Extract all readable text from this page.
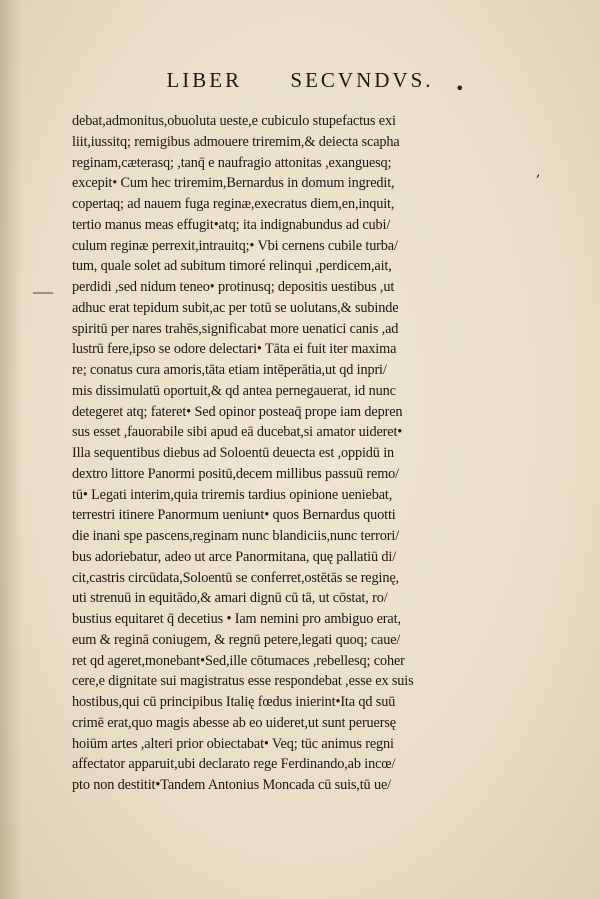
LIBER SECVNDVS.	•
debat,admonitus,obuoluta ueste,e cubiculo stupefactus exi
liit,iussitq; remigibus admouere triremim,& deiecta scapha
reginam,cæterasq; ,tanq̄ e naufragio attonitas ,exanguesq;
excepit• Cum hec triremim,Bernardus in domum ingredit,
copertaq; ad nauem fuga reginæ,execratus diem,en,inquit,
tertio manus meas effugit•atq; ita indignabundus ad cubi/
culum reginæ perrexit,intrauitq;• Vbi cernens cubile turba/
tum, quale solet ad subitum timoré relinqui ,perdicem,ait,
perdidi ,sed nidum teneo• protinusq; depositis uestibus ,ut
adhuc erat tepidum subit,ac per totū se uolutans,& subinde
spiritū per nares trahēs,significabat more uenatici canis ,ad
lustrū fere,ipso se odore delectari• Tāta ei fuit iter maxima
re; conatus cura amoris,tāta etiam intēperātia,ut qd inpri/
mis dissimulatū oportuit,& qd antea pernegauerat, id nunc
detegeret atq; fateret• Sed opinor posteaq̄ prope iam depren
sus esset ,fauorabile sibi apud eā ducebat,si amator uideret•
Illa sequentibus diebus ad Soloentū deuecta est ,oppidū in
dextro littore Panormi positū,decem millibus passuū remo/
tū• Legati interim,quia triremis tardius opinione ueniebat,
terrestri itinere Panormum ueniunt• quos Bernardus quotti
die inani spe pascens,reginam nunc blandiciis,nunc terrori/
bus adoriebatur, adeo ut arce Panormitana, quę pallatiū di/
cit,castris circūdata,Soloentū se conferret,ostētās se reginę,
uti strenuū in equitādo,& amari dignū cū tā, ut cōstat, ro/
bustius equitaret q̄ decetius • Iam nemini pro ambiguo erat,
eum & reginā coniugem, & regnū petere,legati quoq; caue/
ret qd ageret,monebant•Sed,ille cōtumaces ,rebellesq; coher
cere,e dignitate sui magistratus esse respondebat ,esse ex suis
hostibus,qui cū principibus Italię fœdus inierint•Ita qd suū
crimē erat,quo magis abesse ab eo uideret,ut sunt peruersę
hoiūm artes ,alteri prior obiectabat• Veq; tūc animus regni
affectator apparuit,ubi declarato rege Ferdinando,ab incœ/
pto non destitit•Tandem Antonius Moncada cū suis,tū ue/
,
